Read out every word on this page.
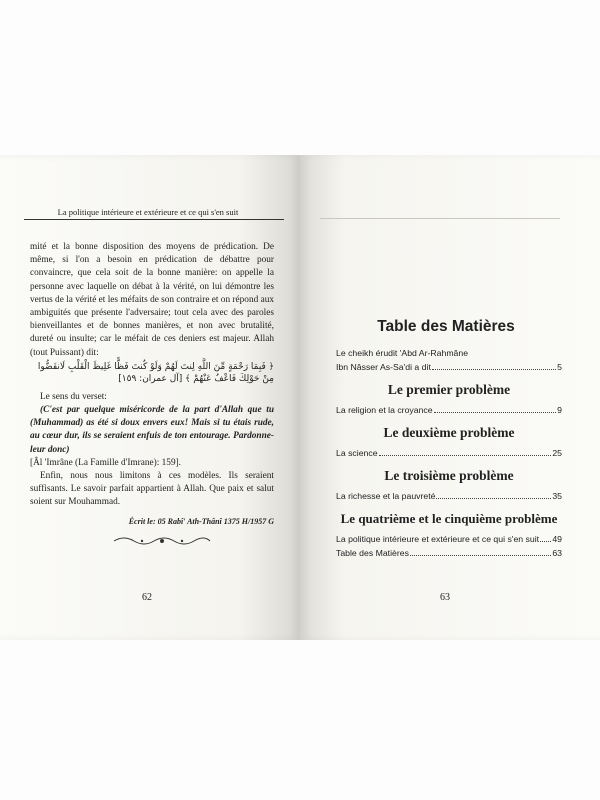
La politique intérieure et extérieure et ce qui s'en suit

mité et la bonne disposition des moyens de prédication. De même, si l'on a besoin en prédication de débattre pour convaincre, que cela soit de la bonne manière: on appelle la personne avec laquelle on débat à la vérité, on lui démontre les vertus de la vérité et les méfaits de son contraire et on répond aux ambiguités que présente l'adversaire; tout cela avec des paroles bienveillantes et de bonnes manières, et non avec brutalité, dureté ou insulte; car le méfait de ces deniers est majeur. Allah (tout Puissant) dit:

﴿ فَبِمَا رَحْمَةٍ مِّنَ اللَّهِ لِنتَ لَهُمْ وَلَوْ كُنتَ فَظًّا غَلِيظَ الْقَلْبِ لَانفَضُّوا مِنْ حَوْلِكَ فَاعْفُ عَنْهُمْ ﴾ [آل عمران: ١٥٩]

Le sens du verset:

(C'est par quelque miséricorde de la part d'Allah que tu (Muhammad) as été si doux envers eux! Mais si tu étais rude, au cœur dur, ils se seraient enfuis de ton entourage. Pardonne-leur donc)

[Âl 'Imrâne (La Famille d'Imrane): 159].

Enfin, nous nous limitons à ces modèles. Ils seraient suffisants. Le savoir parfait appartient à Allah. Que paix et salut soient sur Mouhammad.

Écrit le: 05 Rabî' Ath-Thânî 1375 H/1957 G
62
Table des Matières
Le cheikh érudit 'Abd Ar-Rahmâne
Ibn Nâsser As-Sa'di a dit	5
Le premier problème
La religion et la croyance	9
Le deuxième problème
La science	25
Le troisième problème
La richesse et la pauvreté	35
Le quatrième et le cinquième problème
La politique intérieure et extérieure et ce qui s'en suit 49
Table des Matières	63
63
